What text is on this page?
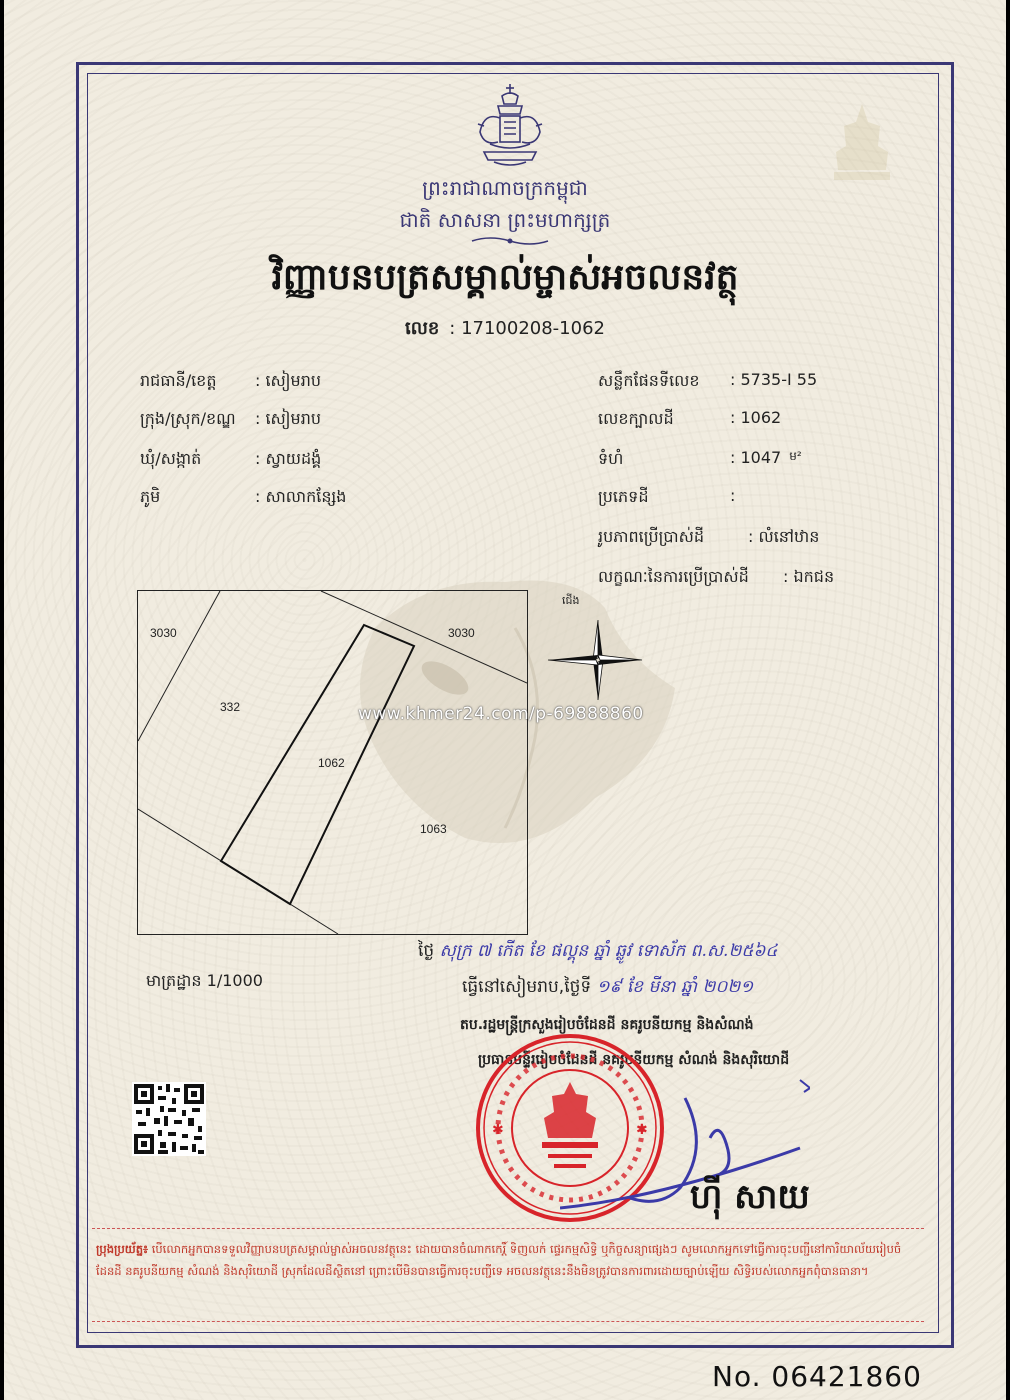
ព្រះរាជាណាចក្រកម្ពុជា
ជាតិ សាសនា ព្រះមហាក្សត្រ
វិញ្ញាបនបត្រសម្គាល់ម្ចាស់អចលនវត្ថុ
លេខ : 17100208-1062
រាជធានី/ខេត្ត : សៀមរាប
ក្រុង/ស្រុក/ខណ្ឌ : សៀមរាប
ឃុំ/សង្កាត់	: ស្វាយដង្គំ
ភូមិ	: សាលាកន្សែង
សន្លឹកផែនទីលេខ : 5735-I 55
លេខក្បាលដី	: 1062
ទំហំ	: 1047 $^{ម^2}$
ប្រភេទដី	:
រូបភាពប្រើប្រាស់ដី	: លំនៅឋាន
លក្ខណៈនៃការប្រើប្រាស់ដី : ឯកជន
3030	3030
332
1062
1063
ជើង
www.khmer24.com/p-69888860
ថ្ងៃ សុក្រ ៧ កើត ខែ ផល្គុន ឆ្នាំ ឆ្លូវ ទោស័ក ព.ស.២៥៦៤
ធ្វើនៅសៀមរាប,ថ្ងៃទី ១៩ ខែ មីនា ឆ្នាំ ២០២១
មាត្រដ្ឋាន 1/1000
តប.រដ្ឋមន្ត្រីក្រសួងរៀបចំដែនដី នគរូបនីយកម្ម និងសំណង់
ប្រធានមន្ទីររៀបចំដែនដី នគរូបនីយកម្ម សំណង់ និងសុរិយោដី
✱	✱
ហ៊ី សាយ
ប្រុងប្រយ័ត្ន៖ បើលោកអ្នកបានទទួលវិញ្ញាបនបត្រសម្គាល់ម្ចាស់អចលនវត្ថុនេះ ដោយបានចំណាកកេរ្តិ៍ ទិញលក់ ផ្ទេរកម្មសិទ្ធិ ឬកិច្ចសន្យាផ្សេងៗ សូមលោកអ្នកទៅធ្វើការចុះបញ្ជីនៅការិយាល័យរៀបចំដែនដី នគរូបនីយកម្ម សំណង់ និងសុរិយោដី ស្រុកដែលដីស្ថិតនៅ ព្រោះបើមិនបានធ្វើការចុះបញ្ជីទេ អចលនវត្ថុនេះនឹងមិនត្រូវបានការពារដោយច្បាប់ឡើយ សិទ្ធិរបស់លោកអ្នកពុំបានធានា។
No. 06421860
